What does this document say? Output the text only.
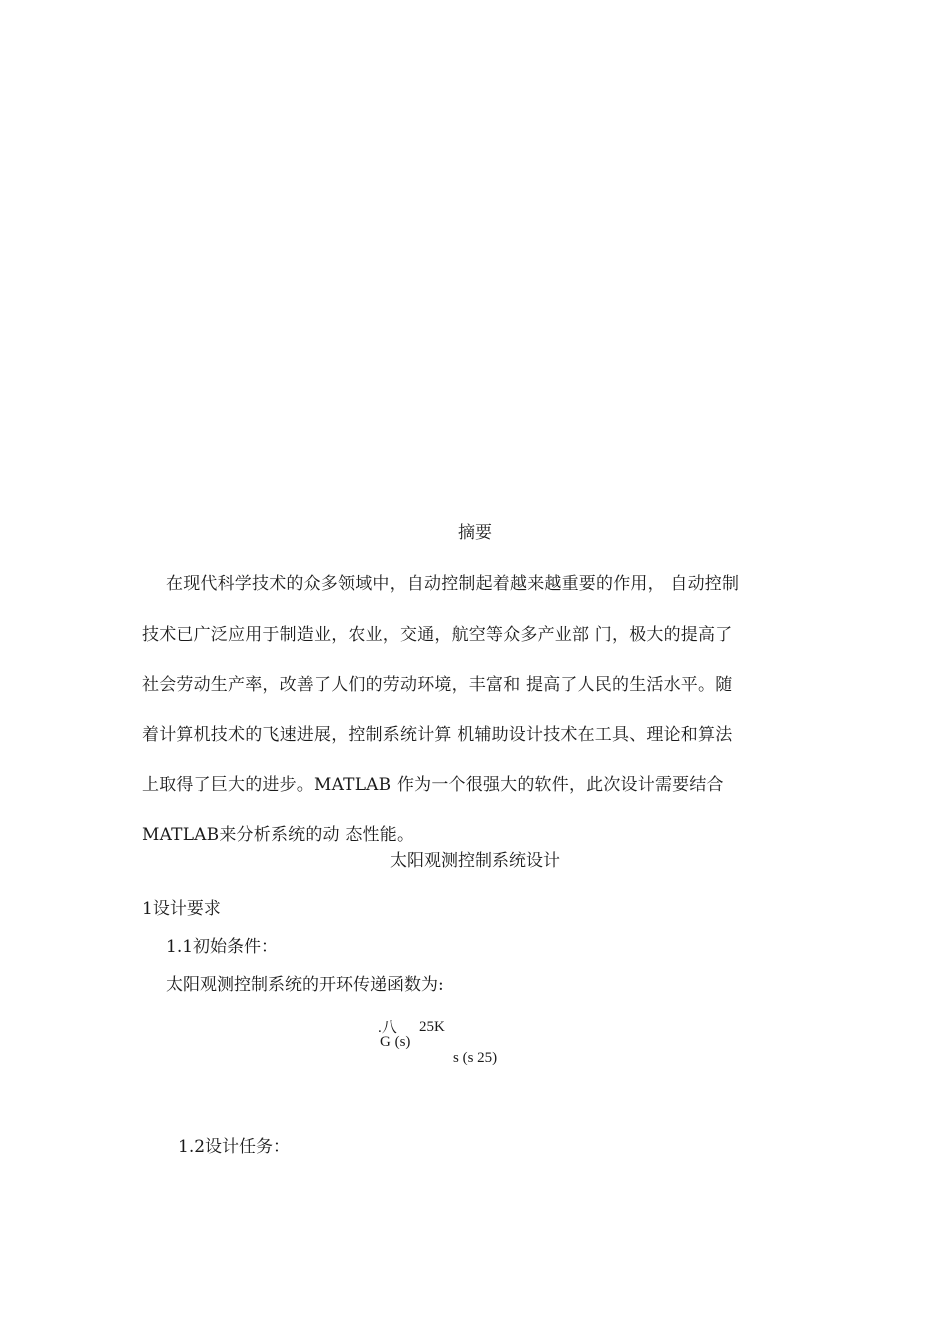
摘要
在现代科学技术的众多领域中，自动控制起着越来越重要的作用， 自动控制
技术已广泛应用于制造业，农业，交通，航空等众多产业部 门，极大的提高了
社会劳动生产率，改善了人们的劳动环境，丰富和 提高了人民的生活水平。随
着计算机技术的飞速进展，控制系统计算 机辅助设计技术在工具、理论和算法
上取得了巨大的进步。MATLAB 作为一个很强大的软件，此次设计需要结合
MATLAB来分析系统的动 态性能。
太阳观测控制系统设计
1设计要求
1.1初始条件：
太阳观测控制系统的开环传递函数为:
.八 25K
G (s)
s (s 25)
1.2设计任务：
